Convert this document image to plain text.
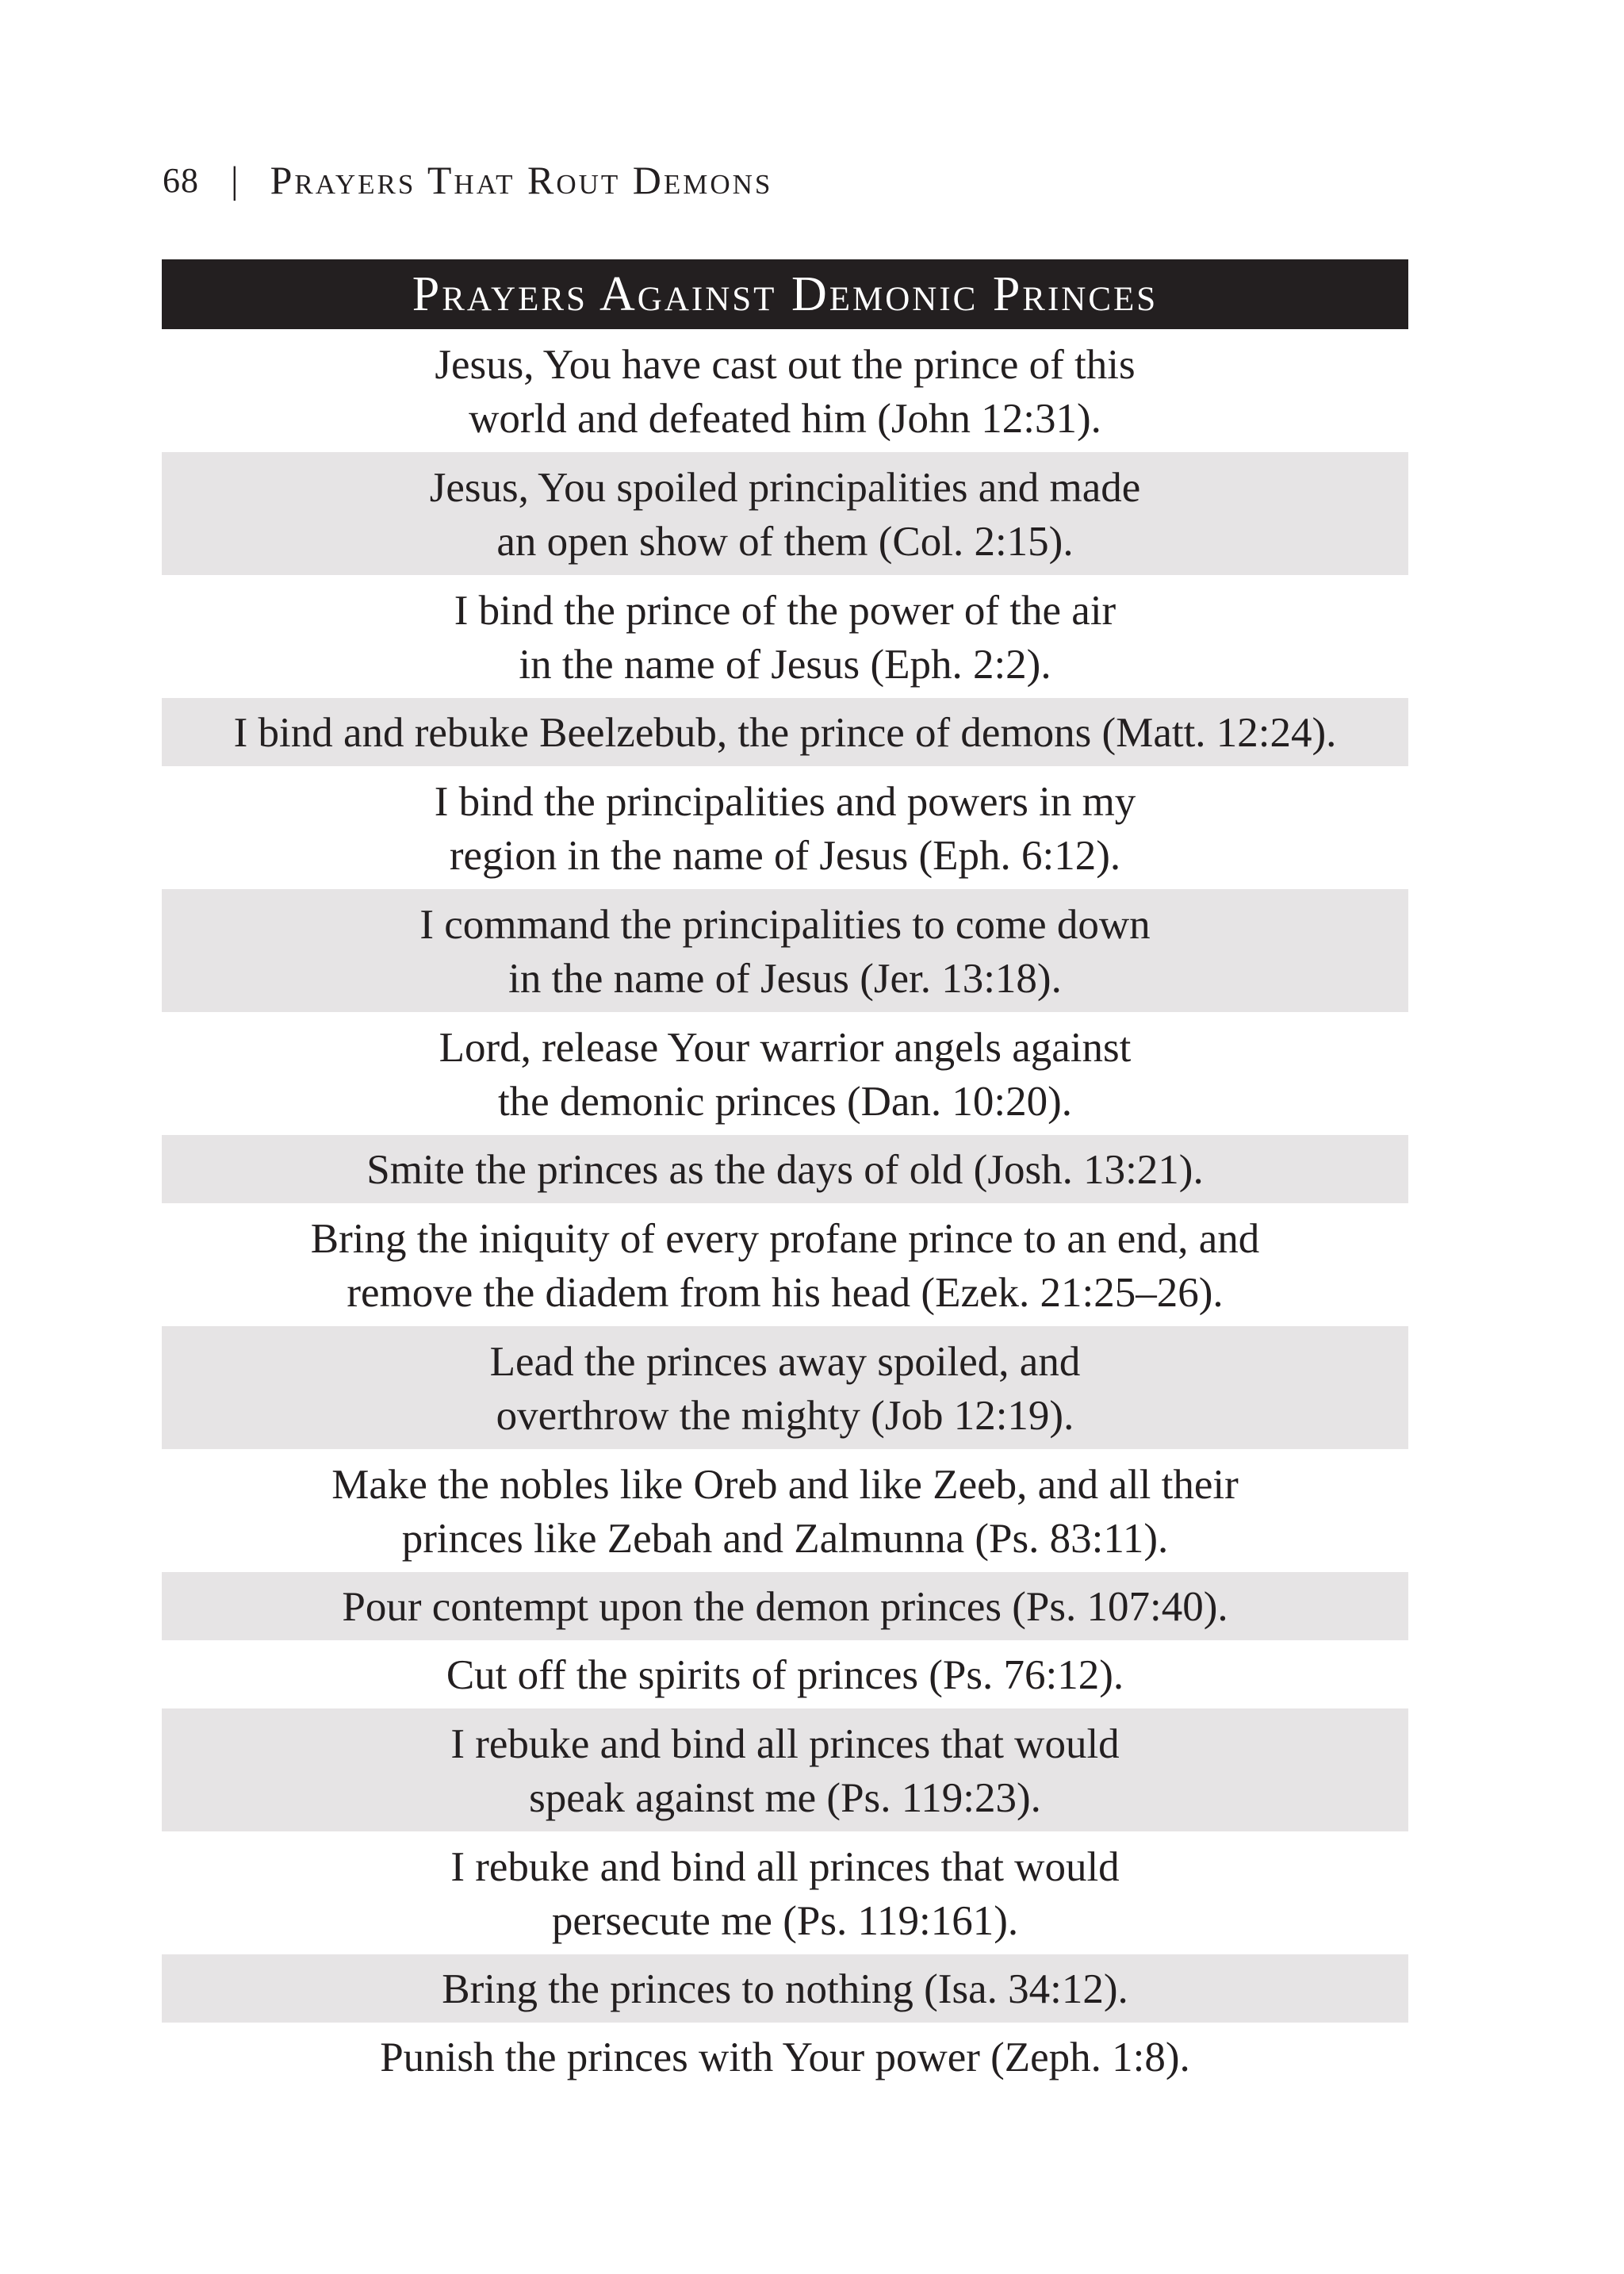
68 | Prayers That Rout Demons
Prayers Against Demonic Princes
Jesus, You have cast out the prince of this
world and defeated him (John 12:31).
Jesus, You spoiled principalities and made
an open show of them (Col. 2:15).
I bind the prince of the power of the air
in the name of Jesus (Eph. 2:2).
I bind and rebuke Beelzebub, the prince of demons (Matt. 12:24).
I bind the principalities and powers in my
region in the name of Jesus (Eph. 6:12).
I command the principalities to come down
in the name of Jesus (Jer. 13:18).
Lord, release Your warrior angels against
the demonic princes (Dan. 10:20).
Smite the princes as the days of old (Josh. 13:21).
Bring the iniquity of every profane prince to an end, and
remove the diadem from his head (Ezek. 21:25–26).
Lead the princes away spoiled, and
overthrow the mighty (Job 12:19).
Make the nobles like Oreb and like Zeeb, and all their
princes like Zebah and Zalmunna (Ps. 83:11).
Pour contempt upon the demon princes (Ps. 107:40).
Cut off the spirits of princes (Ps. 76:12).
I rebuke and bind all princes that would
speak against me (Ps. 119:23).
I rebuke and bind all princes that would
persecute me (Ps. 119:161).
Bring the princes to nothing (Isa. 34:12).
Punish the princes with Your power (Zeph. 1:8).
